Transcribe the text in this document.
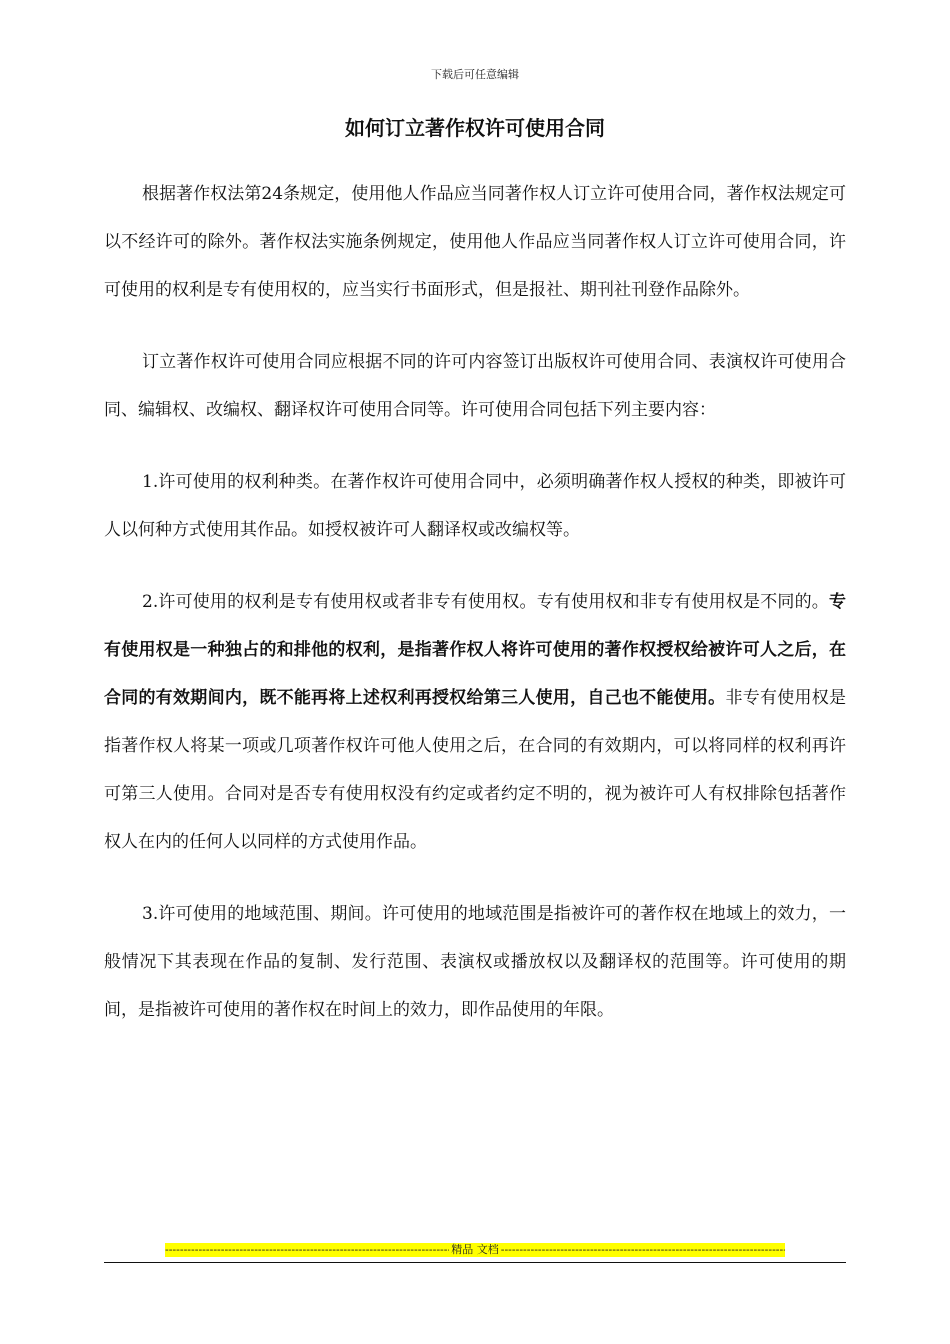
下载后可任意编辑
如何订立著作权许可使用合同

根据著作权法第24条规定，使用他人作品应当同著作权人订立许可使用合同，著作权法规定可以不经许可的除外。著作权法实施条例规定，使用他人作品应当同著作权人订立许可使用合同，许可使用的权利是专有使用权的，应当实行书面形式，但是报社、期刊社刊登作品除外。

订立著作权许可使用合同应根据不同的许可内容签订出版权许可使用合同、表演权许可使用合同、编辑权、改编权、翻译权许可使用合同等。许可使用合同包括下列主要内容：

1.许可使用的权利种类。在著作权许可使用合同中，必须明确著作权人授权的种类，即被许可人以何种方式使用其作品。如授权被许可人翻译权或改编权等。

2.许可使用的权利是专有使用权或者非专有使用权。专有使用权和非专有使用权是不同的。专有使用权是一种独占的和排他的权利，是指著作权人将许可使用的著作权授权给被许可人之后，在合同的有效期间内，既不能再将上述权利再授权给第三人使用，自己也不能使用。非专有使用权是指著作权人将某一项或几项著作权许可他人使用之后，在合同的有效期内，可以将同样的权利再许可第三人使用。合同对是否专有使用权没有约定或者约定不明的，视为被许可人有权排除包括著作权人在内的任何人以同样的方式使用作品。

3.许可使用的地域范围、期间。许可使用的地域范围是指被许可的著作权在地域上的效力，一般情况下其表现在作品的复制、发行范围、表演权或播放权以及翻译权的范围等。许可使用的期间，是指被许可使用的著作权在时间上的效力，即作品使用的年限。

-----
精品 文档
-----
